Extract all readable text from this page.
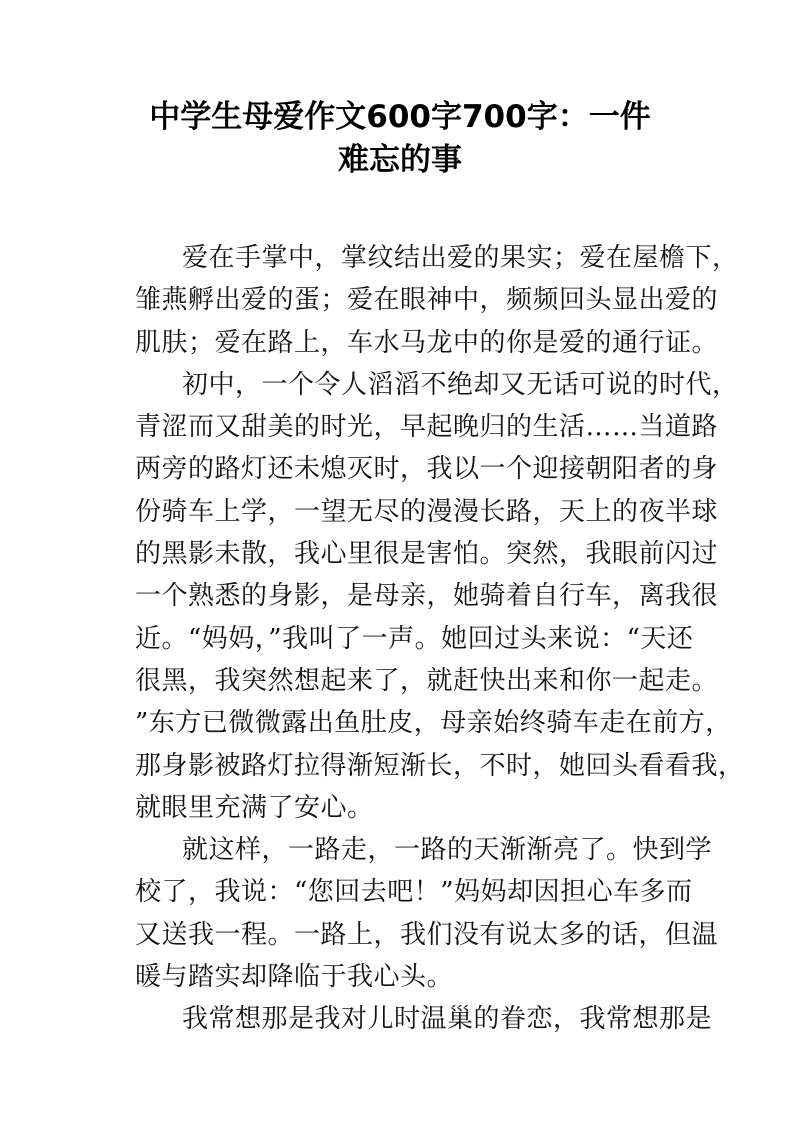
中学生母爱作文600字700字：一件
难忘的事
爱在手掌中，掌纹结出爱的果实；爱在屋檐下，
雏燕孵出爱的蛋；爱在眼神中，频频回头显出爱的
肌肤；爱在路上，车水马龙中的你是爱的通行证。
初中，一个令人滔滔不绝却又无话可说的时代，
青涩而又甜美的时光，早起晚归的生活……当道路
两旁的路灯还未熄灭时，我以一个迎接朝阳者的身
份骑车上学，一望无尽的漫漫长路，天上的夜半球
的黑影未散，我心里很是害怕。突然，我眼前闪过
一个熟悉的身影，是母亲，她骑着自行车，离我很
近。“妈妈，”我叫了一声。她回过头来说：“天还
很黑，我突然想起来了，就赶快出来和你一起走。
”东方已微微露出鱼肚皮，母亲始终骑车走在前方，
那身影被路灯拉得渐短渐长，不时，她回头看看我，
就眼里充满了安心。
就这样，一路走，一路的天渐渐亮了。快到学
校了，我说：“您回去吧！”妈妈却因担心车多而
又送我一程。一路上，我们没有说太多的话，但温
暖与踏实却降临于我心头。
我常想那是我对儿时温巢的眷恋，我常想那是
